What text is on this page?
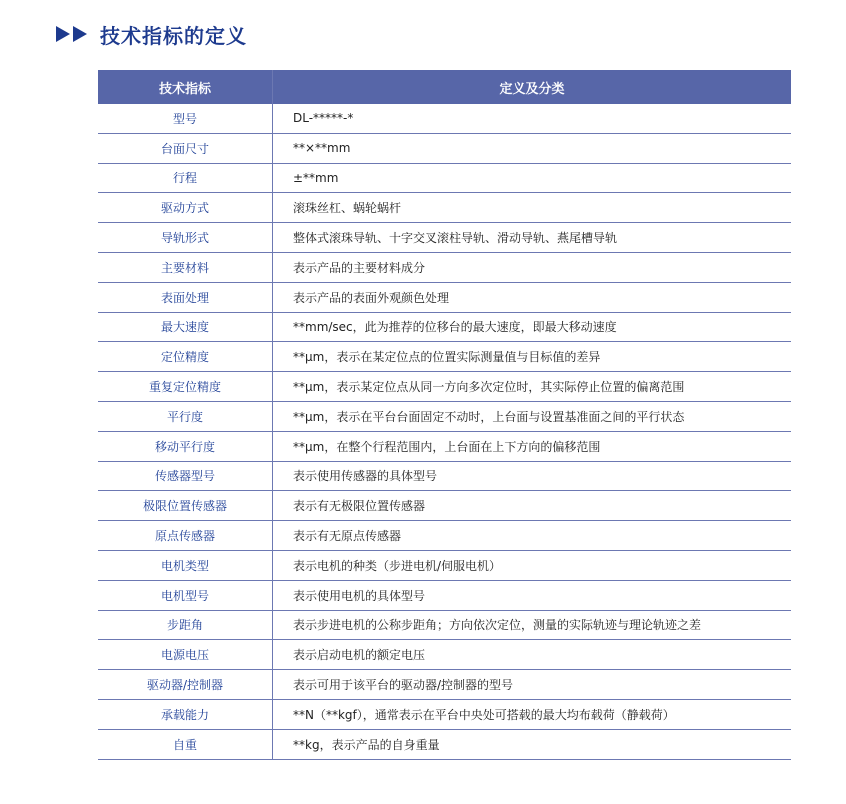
技术指标的定义
技术指标	定义及分类
型号	DL-*****-*
台面尺寸	**×**mm
行程	±**mm
驱动方式	滚珠丝杠、蜗轮蜗杆
导轨形式	整体式滚珠导轨、十字交叉滚柱导轨、滑动导轨、燕尾槽导轨
主要材料	表示产品的主要材料成分
表面处理	表示产品的表面外观颜色处理
最大速度	**mm/sec，此为推荐的位移台的最大速度，即最大移动速度
定位精度	**μm，表示在某定位点的位置实际测量值与目标值的差异
重复定位精度	**μm，表示某定位点从同一方向多次定位时，其实际停止位置的偏离范围
平行度	**μm，表示在平台台面固定不动时，上台面与设置基准面之间的平行状态
移动平行度	**μm，在整个行程范围内，上台面在上下方向的偏移范围
传感器型号	表示使用传感器的具体型号
极限位置传感器	表示有无极限位置传感器
原点传感器	表示有无原点传感器
电机类型	表示电机的种类（步进电机/伺服电机）
电机型号	表示使用电机的具体型号
步距角	表示步进电机的公称步距角；方向依次定位，测量的实际轨迹与理论轨迹之差
电源电压	表示启动电机的额定电压
驱动器/控制器	表示可用于该平台的驱动器/控制器的型号
承载能力	**N（**kgf），通常表示在平台中央处可搭载的最大均布载荷（静载荷）
自重	**kg，表示产品的自身重量
